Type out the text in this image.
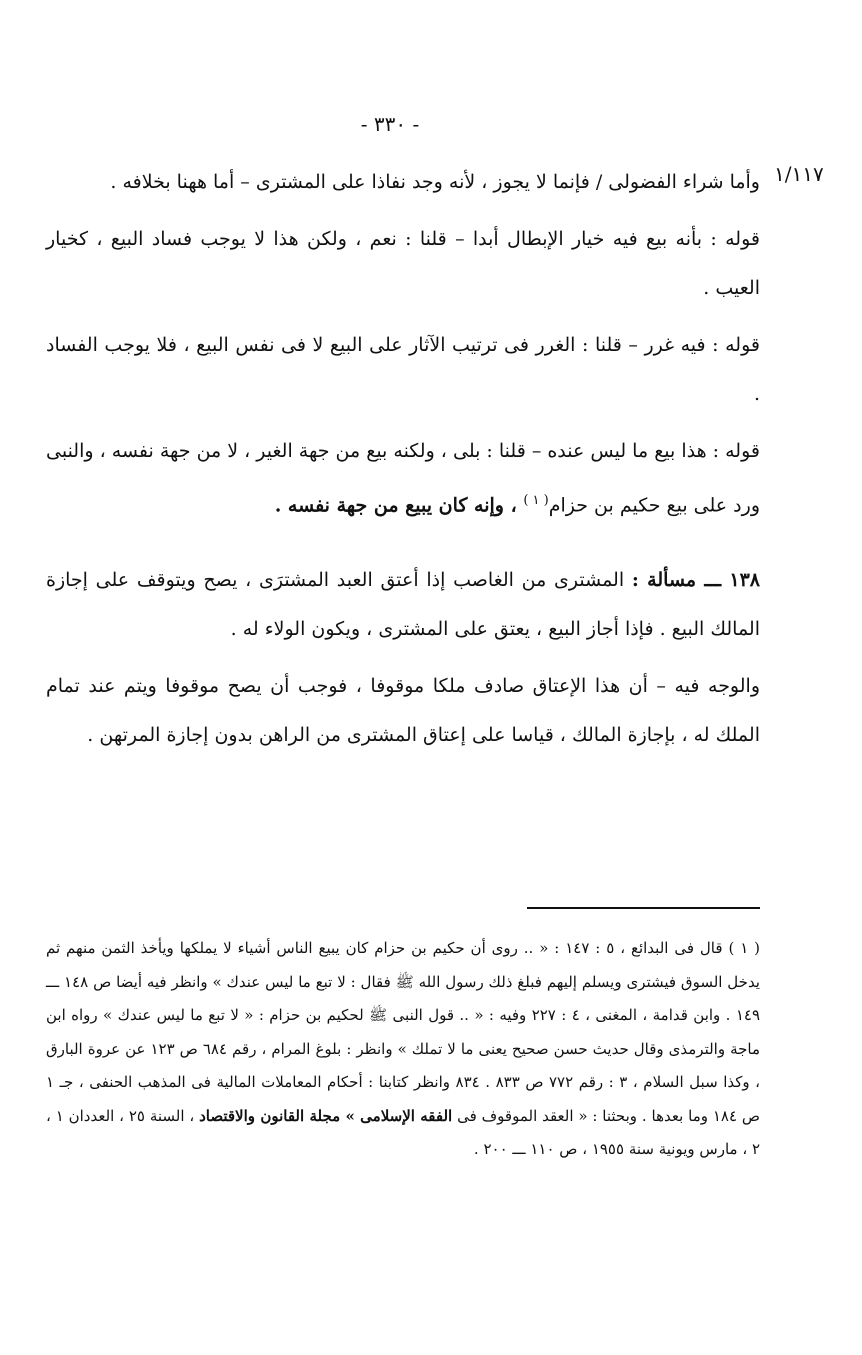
- ٣٣٠ -
١/١١٧

وأما شراء الفضولى / فإنما لا يجوز ، لأنه وجد نفاذا على المشترى – أما ههنا بخلافه .

قوله : بأنه بيع فيه خيار الإبطال أبدا – قلنا : نعم ، ولكن هذا لا يوجب فساد البيع ، كخيار العيب .

قوله : فيه غرر – قلنا : الغرر فى ترتيب الآثار على البيع لا فى نفس البيع ، فلا يوجب الفساد .

قوله : هذا بيع ما ليس عنده – قلنا : بلى ، ولكنه بيع من جهة الغير ، لا من جهة نفسه ، والنبى ورد على بيع حكيم بن حزام$^{( ١ )}$ ، وإنه كان يبيع من جهة نفسه .

١٣٨ ـــ مسألة : المشترى من الغاصب إذا أعتق العبد المشترَى ، يصح ويتوقف على إجازة المالك البيع . فإذا أجاز البيع ، يعتق على المشترى ، ويكون الولاء له .

والوجه فيه – أن هذا الإعتاق صادف ملكا موقوفا ، فوجب أن يصح موقوفا ويتم عند تمام الملك له ، بإجازة المالك ، قياسا على إعتاق المشترى من الراهن بدون إجازة المرتهن .

( ١ ) قال فى البدائع ، ٥ : ١٤٧ : « .. روى أن حكيم بن حزام كان يبيع الناس أشياء لا يملكها ويأخذ الثمن منهم ثم يدخل السوق فيشترى ويسلم إليهم فبلغ ذلك رسول الله ﷺ فقال : لا تبع ما ليس عندك » وانظر فيه أيضا ص ١٤٨ ـــ ١٤٩ . وابن قدامة ، المغنى ، ٤ : ٢٢٧ وفيه : « .. قول النبى ﷺ لحكيم بن حزام : « لا تبع ما ليس عندك » رواه ابن ماجة والترمذى وقال حديث حسن صحيح يعنى ما لا تملك » وانظر : بلوغ المرام ، رقم ٦٨٤ ص ١٢٣ عن عروة البارق ، وكذا سبل السلام ، ٣ : رقم ٧٧٢ ص ٨٣٣ . ٨٣٤ وانظر كتابنا : أحكام المعاملات المالية فى المذهب الحنفى ، جـ ١ ص ١٨٤ وما بعدها . وبحثنا : « العقد الموقوف فى الفقه الإسلامى » مجلة القانون والاقتصاد ، السنة ٢٥ ، العددان ١ ، ٢ ، مارس ويونية سنة ١٩٥٥ ، ص ١١٠ ـــ ٢٠٠ .
